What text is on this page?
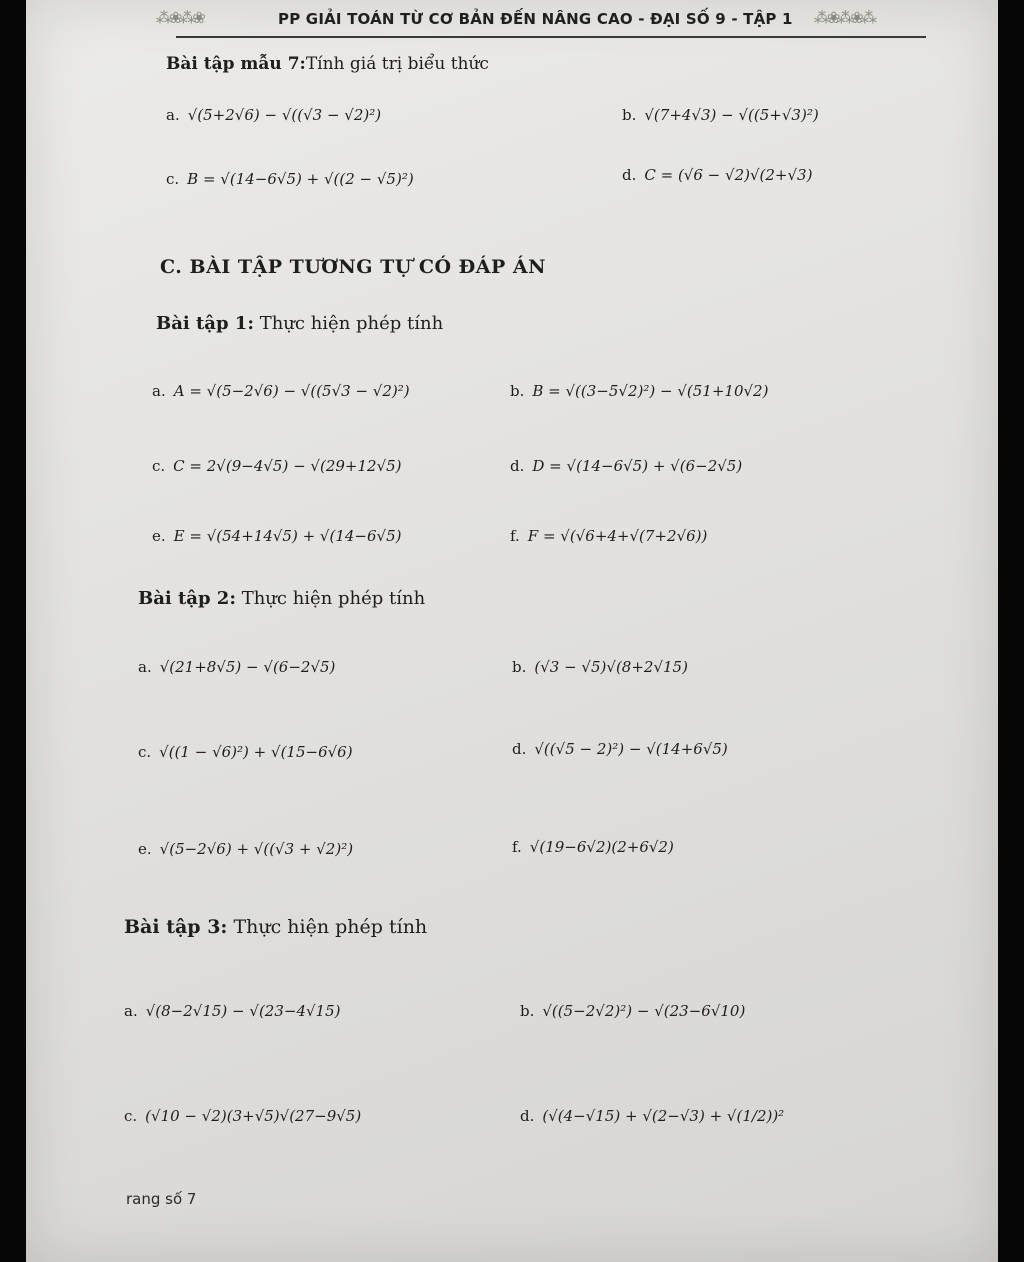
⁂❀⁂❀	PP GIẢI TOÁN TỪ CƠ BẢN ĐẾN NÂNG CAO - ĐẠI SỐ 9 - TẬP 1 ⁂❀⁂❀⁂
Bài tập mẫu 7:Tính giá trị biểu thức
a. √(5+2√6) − √((√3 − √2)²)	b. √(7+4√3) − √((5+√3)²)
c. B = √(14−6√5) + √((2 − √5)²)	d. C = (√6 − √2)√(2+√3)
C. BÀI TẬP TƯƠNG TỰ CÓ ĐÁP ÁN
Bài tập 1: Thực hiện phép tính
a. A = √(5−2√6) − √((5√3 − √2)²)	b. B = √((3−5√2)²) − √(51+10√2)
c. C = 2√(9−4√5) − √(29+12√5)	d. D = √(14−6√5) + √(6−2√5)
e. E = √(54+14√5) + √(14−6√5)	f. F = √(√6+4+√(7+2√6))
Bài tập 2: Thực hiện phép tính
a. √(21+8√5) − √(6−2√5)	b. (√3 − √5)√(8+2√15)
c. √((1 − √6)²) + √(15−6√6)	d. √((√5 − 2)²) − √(14+6√5)
e. √(5−2√6) + √((√3 + √2)²)	f. √(19−6√2)(2+6√2)
Bài tập 3: Thực hiện phép tính
a. √(8−2√15) − √(23−4√15)	b. √((5−2√2)²) − √(23−6√10)
c. (√10 − √2)(3+√5)√(27−9√5)	d. (√(4−√15) + √(2−√3) + √(1/2))²
rang số 7
